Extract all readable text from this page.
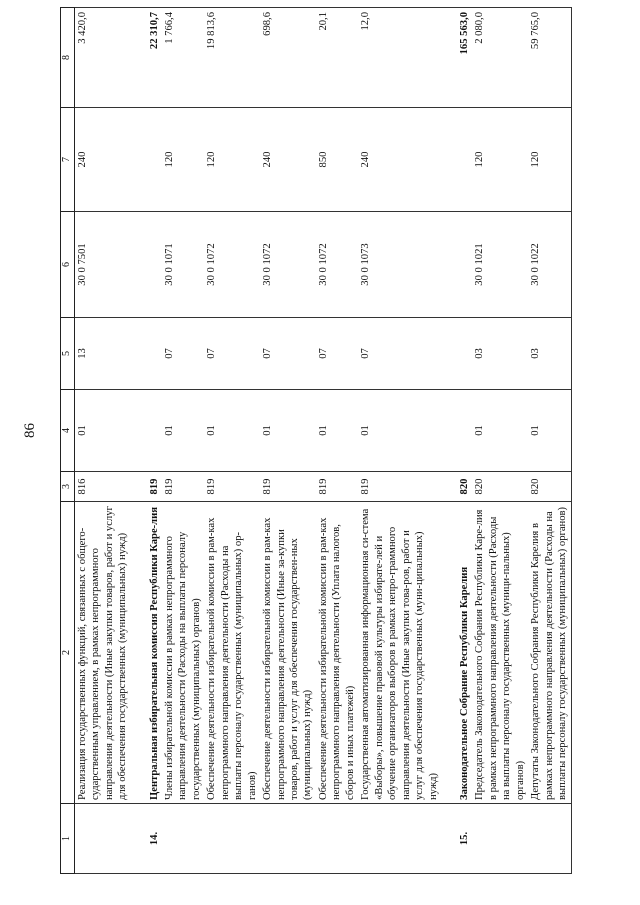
86
1	2	3	4	5	6	7	8
	Реализация государственных функций, связанных с общего-сударственным управлением, в рамках непрограммного направления деятельности (Иные закупки товаров, работ и услуг для обеспечения государственных (муниципальных) нужд)	816	01	13	30 0 7501	240	3 420,0

14.	Центральная избирательная комиссия Республики Каре-лия	819					22 310,7
	Члены избирательной комиссии в рамках непрограммного направления деятельности (Расходы на выплаты персоналу государственных (муниципальных) органов)	819	01	07	30 0 1071	120	1 766,4
	Обеспечение деятельности избирательной комиссии в рам-ках непрограммного направления деятельности (Расходы на выплаты персоналу государственных (муниципальных) ор-ганов)	819	01	07	30 0 1072	120	19 813,6
	Обеспечение деятельности избирательной комиссии в рам-ках непрограммного направления деятельности (Иные за-купки товаров, работ и услуг для обеспечения государствен-ных (муниципальных) нужд)	819	01	07	30 0 1072	240	698,6
	Обеспечение деятельности избирательной комиссии в рам-ках непрограммного направления деятельности (Уплата налогов, сборов и иных платежей)	819	01	07	30 0 1072	850	20,1
	Государственная автоматизированная информационная си-стема «Выборы», повышение правовой культуры избирате-лей и обучение организаторов выборов в рамках непро-граммного направления деятельности (Иные закупки това-ров, работ и услуг для обеспечения государственных (муни-ципальных) нужд)	819	01	07	30 0 1073	240	12,0

15.	Законодательное Собрание Республики Карелия	820					165 563,0
	Председатель Законодательного Собрания Республики Каре-лия в рамках непрограммного направления деятельности (Расходы на выплаты персоналу государственных (муници-пальных) органов)	820	01	03	30 0 1021	120	2 080,0
	Депутаты Законодательного Собрания Республики Карелия в рамках непрограммного направления деятельности (Расходы на выплаты персоналу государственных (муниципальных) органов)	820	01	03	30 0 1022	120	59 765,0
